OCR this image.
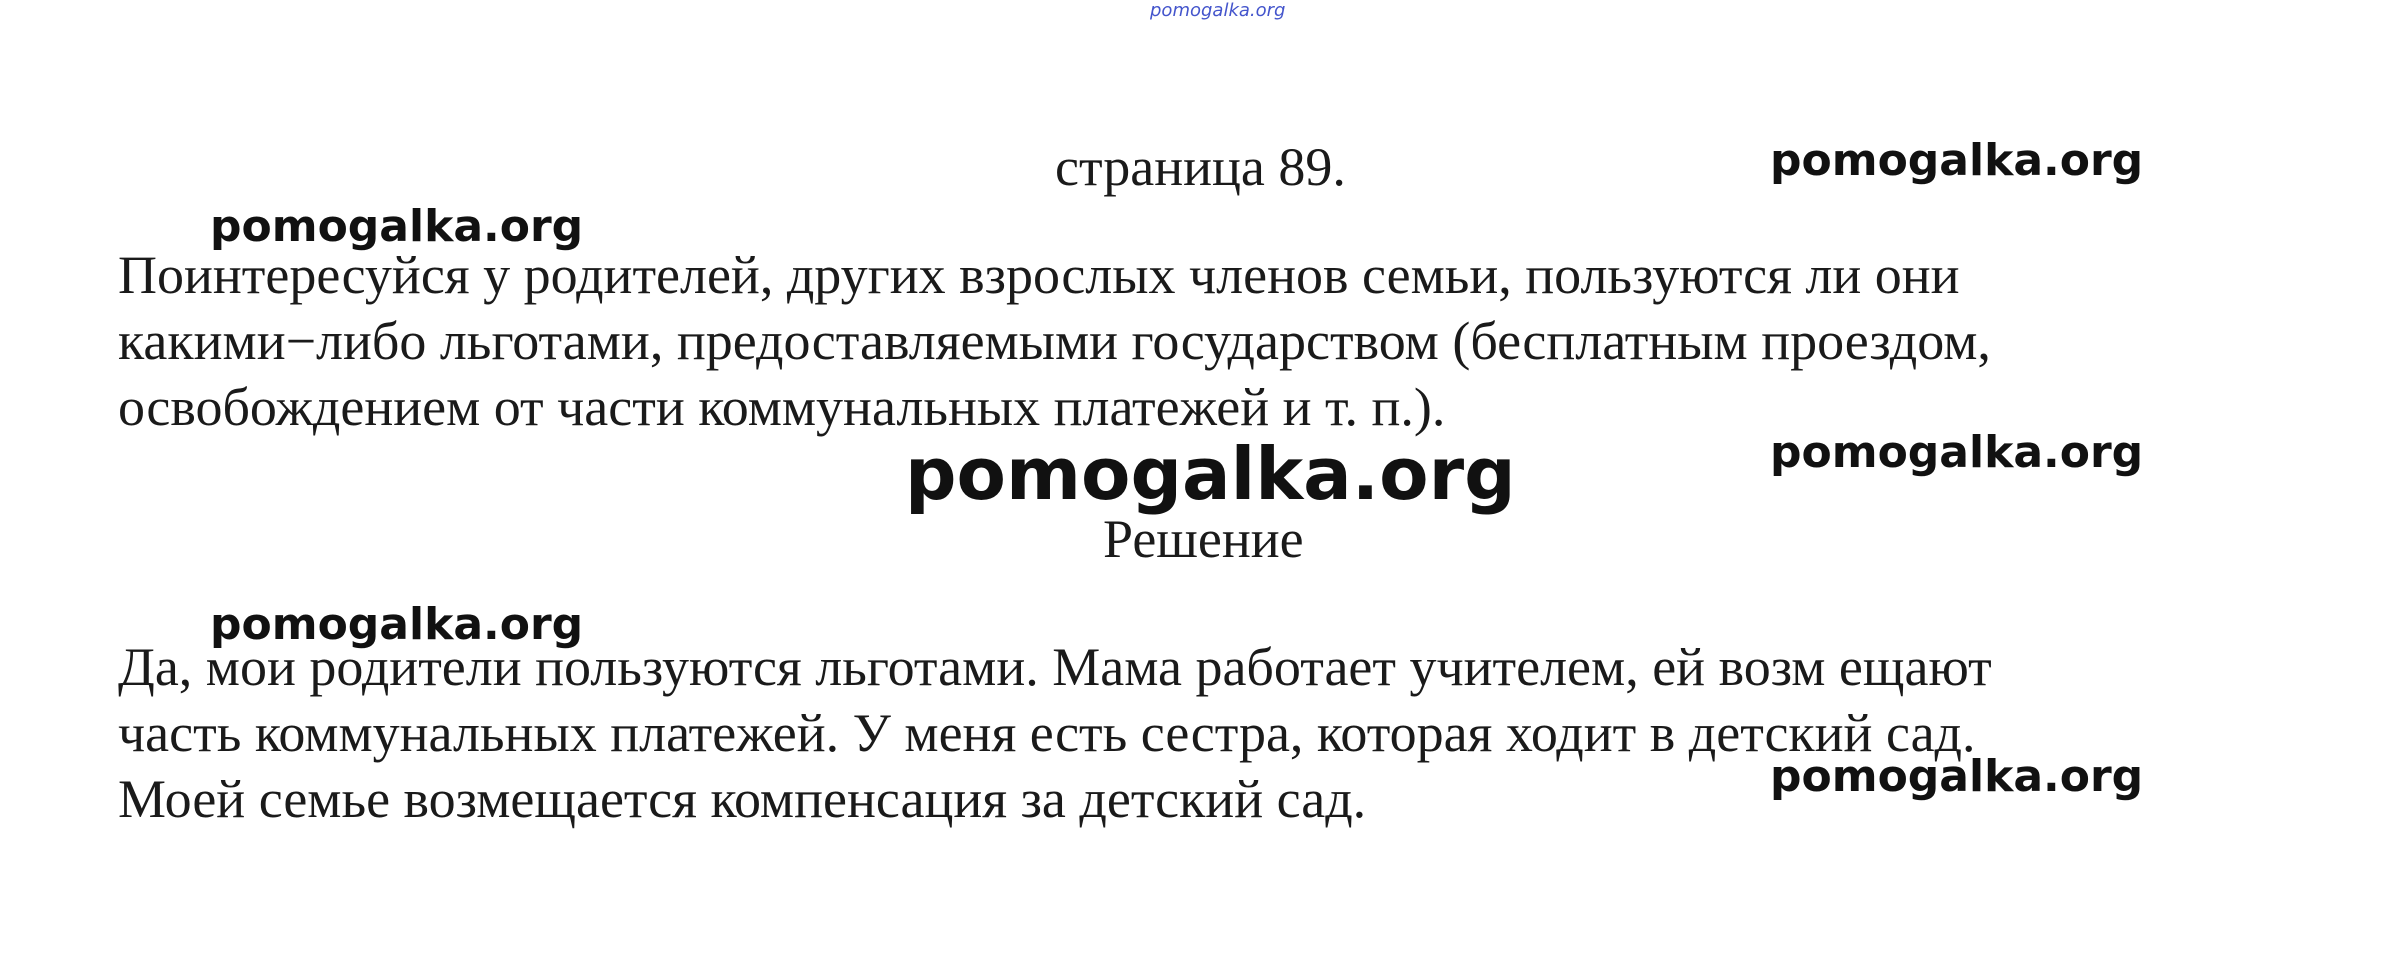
pomogalka.org
страница 89.	pomogalka.org
pomogalka.org
Поинтересуйся у родителей, других взрослых членов семьи, пользуются ли они
какими−либо льготами, предоставляемыми государством (бесплатным проездом,
освобождением от части коммунальных платежей и т. п.).
pomogalka.org
pomogalka.org
Решение
pomogalka.org
Да, мои родители пользуются льготами. Мама работает учителем, ей возм ещают
часть коммунальных платежей. У меня есть сестра, которая ходит в детский сад.
Моей семье возмещается компенсация за детский сад.	pomogalka.org
